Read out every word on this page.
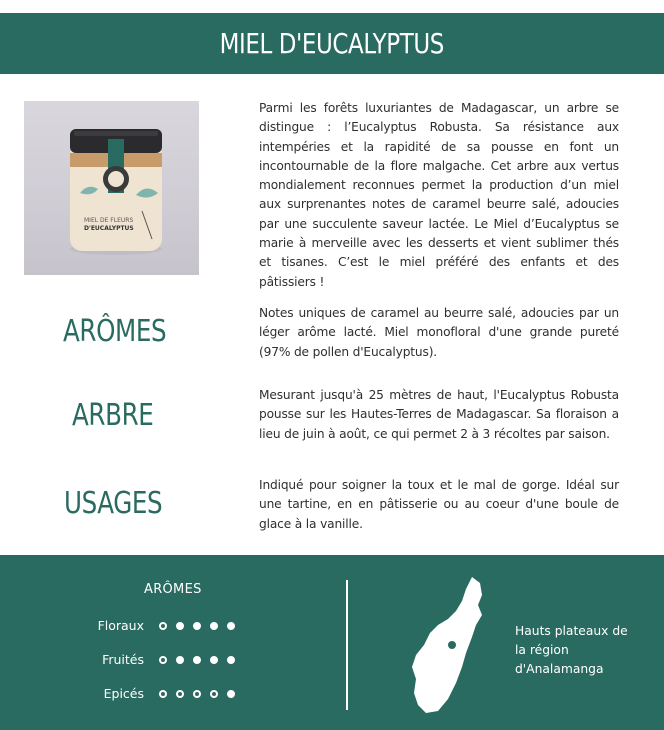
MIEL D'EUCALYPTUS
MIEL DE FLEURS
D'EUCALYPTUS
Parmi les forêts luxuriantes de Madagascar, un arbre se distingue : l’Eucalyptus Robusta. Sa résistance aux intempéries et la rapidité de sa pousse en font un incontournable de la flore malgache. Cet arbre aux vertus mondialement reconnues permet la production d’un miel aux surprenantes notes de caramel beurre salé, adoucies par une succulente saveur lactée. Le Miel d’Eucalyptus se marie à merveille avec les desserts et vient sublimer thés et tisanes. C’est le miel préféré des enfants et des pâtissiers !
ARÔMES
Notes uniques de caramel au beurre salé, adoucies par un léger arôme lacté. Miel monofloral d'une grande pureté (97% de pollen d'Eucalyptus).
ARBRE
Mesurant jusqu'à 25 mètres de haut, l'Eucalyptus Robusta pousse sur les Hautes-Terres de Madagascar. Sa floraison a lieu de juin à août, ce qui permet 2 à 3 récoltes par saison.
USAGES
Indiqué pour soigner la toux et le mal de gorge. Idéal sur une tartine, en en pâtisserie ou au coeur d'une boule de glace à la vanille.
ARÔMES
Floraux
Fruités
Epicés
Hauts plateaux de la région d'Analamanga
